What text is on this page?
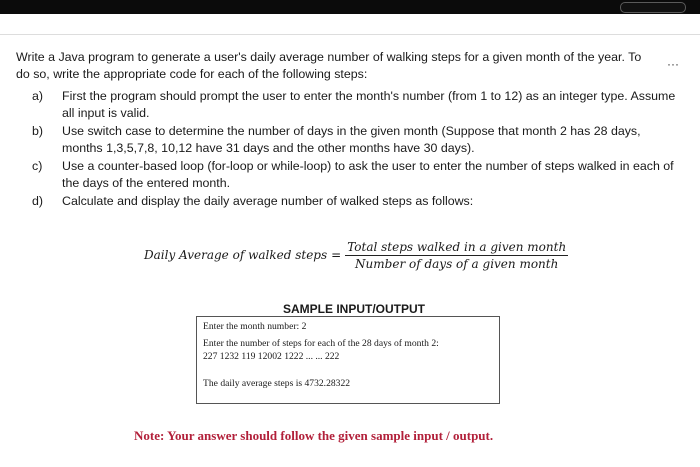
Write a Java program to generate a user's daily average number of walking steps for a given month of the year. To do so, write the appropriate code for each of the following steps:

···
a)	First the program should prompt the user to enter the month's number (from 1 to 12) as an integer type. Assume all input is valid.
b)	Use switch case to determine the number of days in the given month (Suppose that month 2 has 28 days, months 1,3,5,7,8, 10,12 have 31 days and the other months have 30 days).
c)	Use a counter-based loop (for-loop or while-loop) to ask the user to enter the number of steps walked in each of the days of the entered month.
d)	Calculate and display the daily average number of walked steps as follows:
Daily Average of walked steps = $\frac{\text{Total steps walked in a given month}}{\text{Number of days of a given month}}$
SAMPLE INPUT/OUTPUT

Enter the month number: 2

Enter the number of steps for each of the 28 days of month 2:

227 1232 119 12002 1222 ... ... 222

The daily average steps is 4732.28322

Note: Your answer should follow the given sample input / output.
